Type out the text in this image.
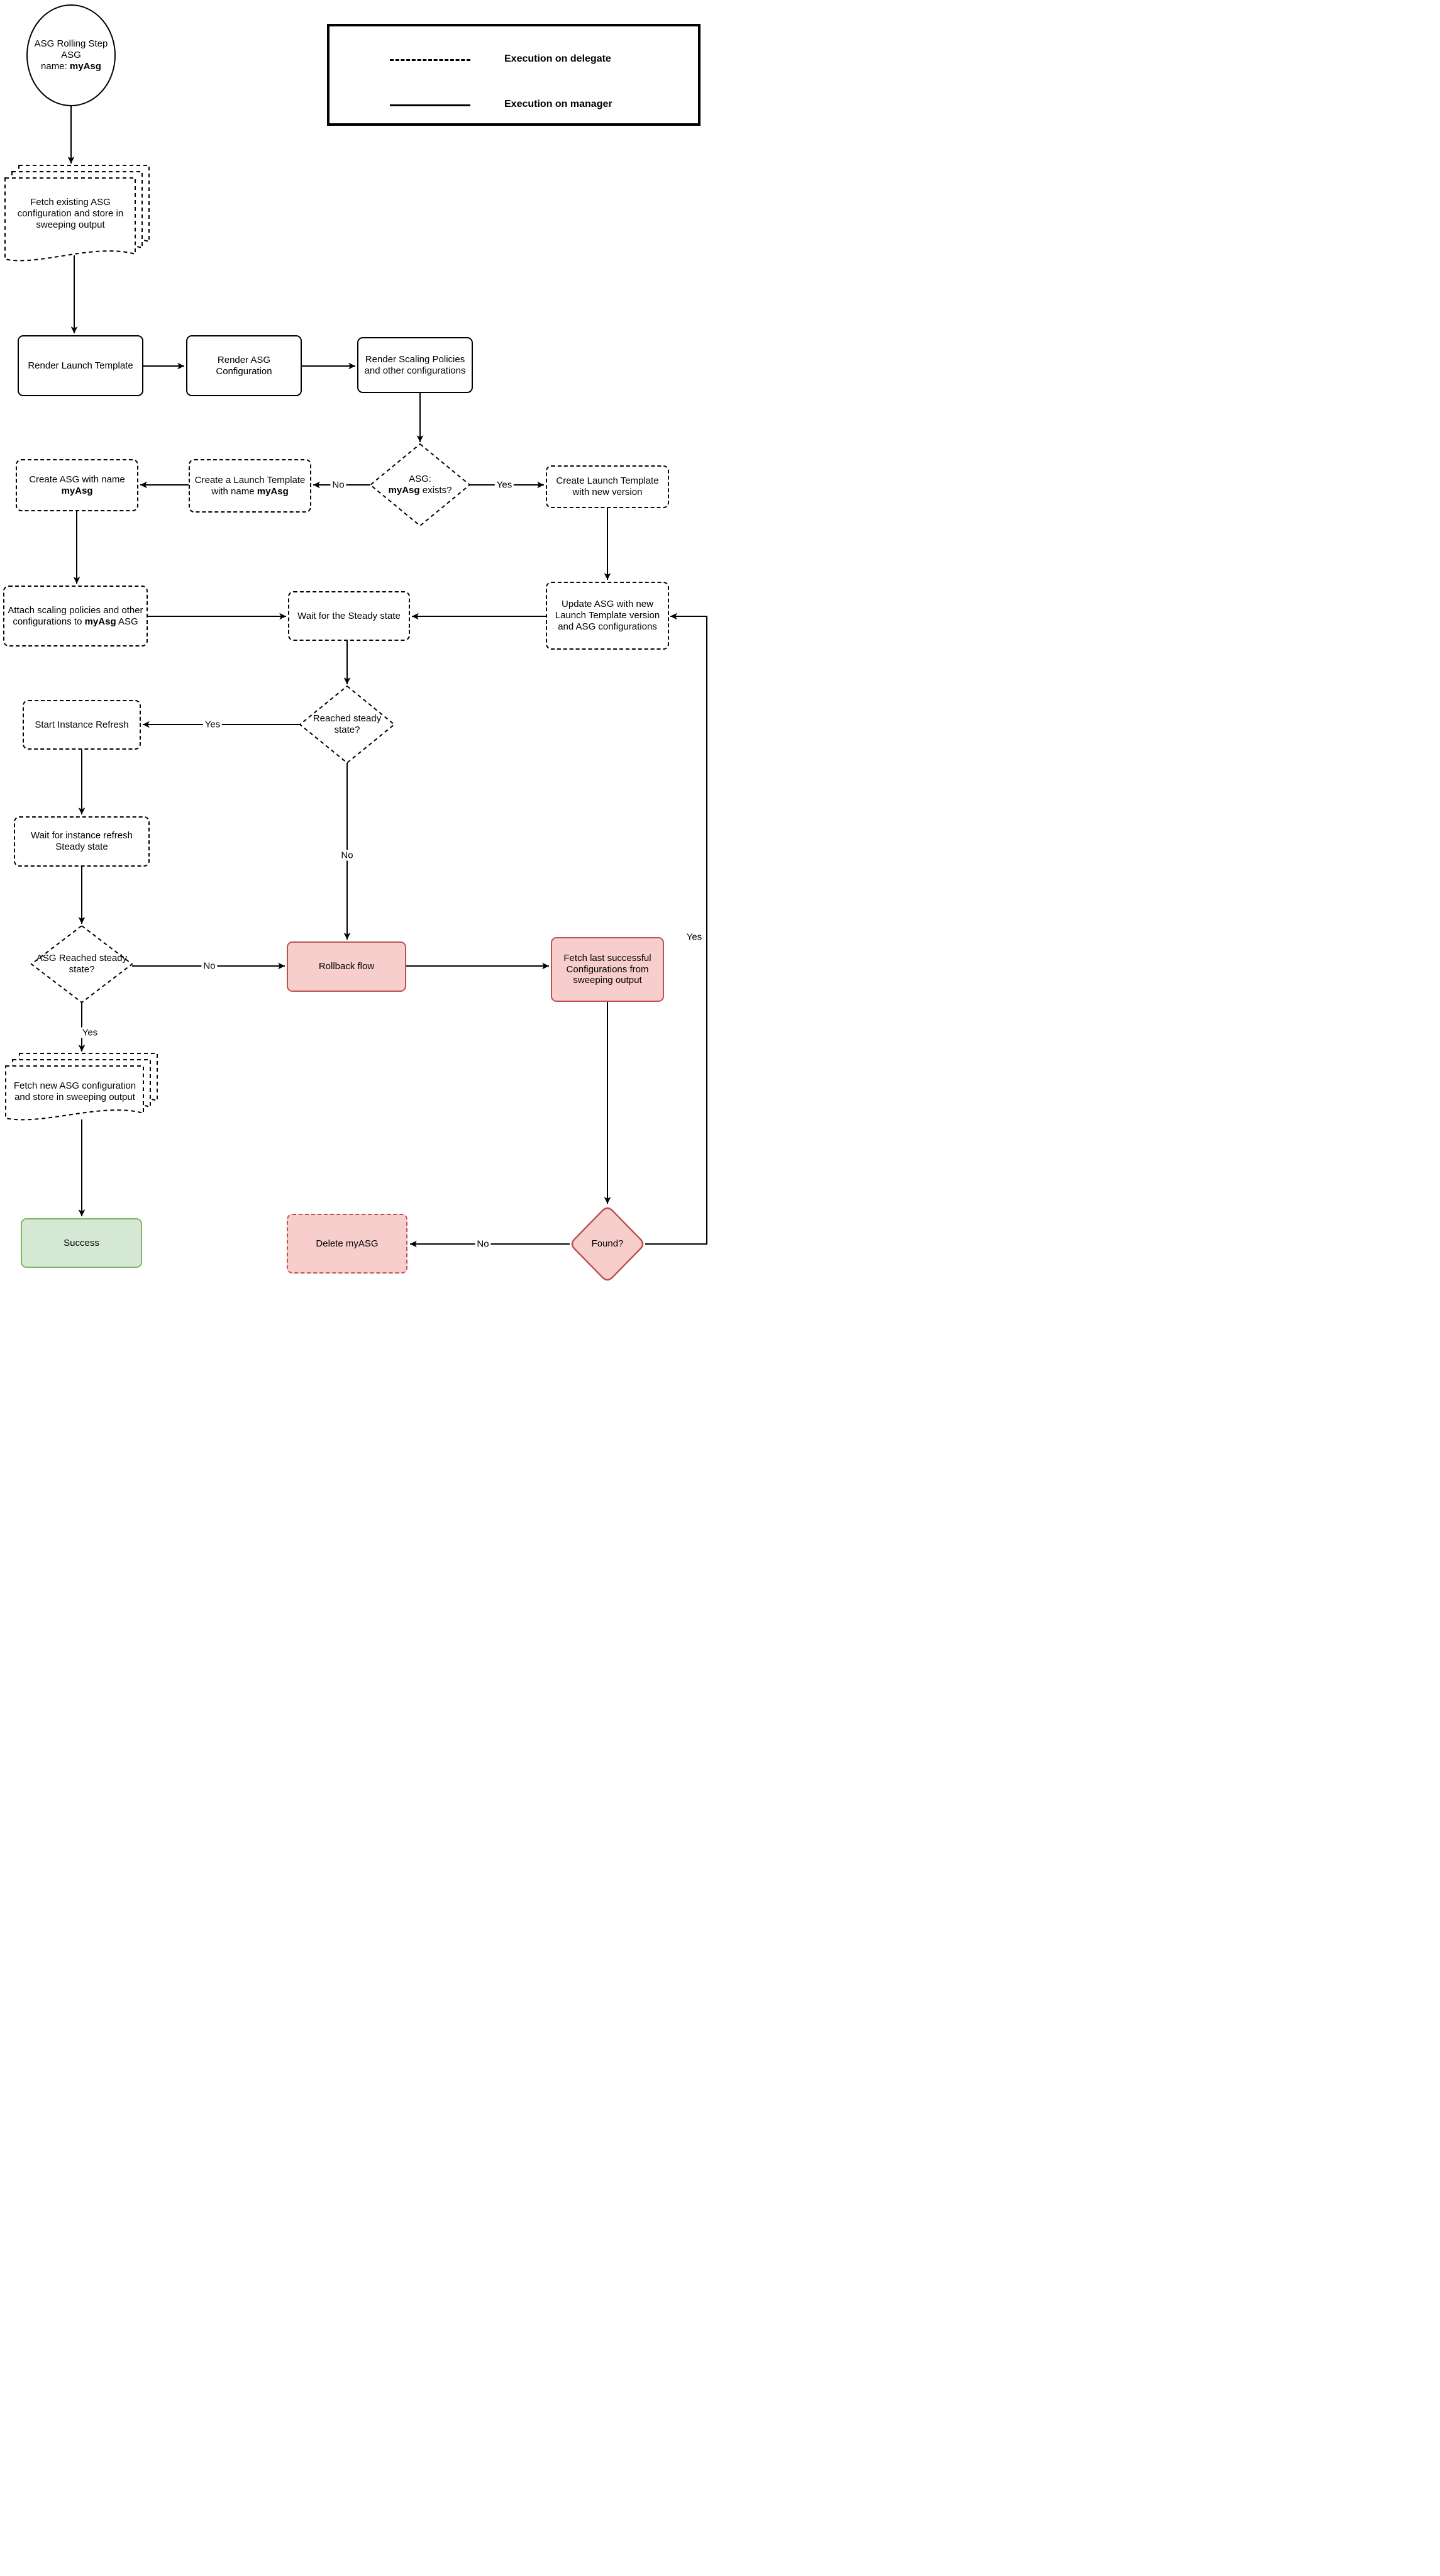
Execution on delegate
Execution on manager
ASG Rolling Step
ASG
name: myAsg
Fetch existing ASG configuration and store in sweeping output
Render Launch Template
Render ASG Configuration
Render Scaling Policies and other configurations
ASG:
myAsg exists?
Create Launch Template with new version
Create a Launch Template with name myAsg
Create ASG with name myAsg
Attach scaling policies and other configurations to myAsg ASG
Wait for the Steady state
Update ASG with new Launch Template version and ASG configurations
Reached steady state?
Start Instance Refresh
Wait for instance refresh Steady state
ASG Reached steady state?	Rollback flow
Fetch last successful Configurations from sweeping output
Fetch new ASG configuration and store in sweeping output
Success	Delete myASG	Found?
No	Yes
Yes
No
No
Yes
No
Yes
